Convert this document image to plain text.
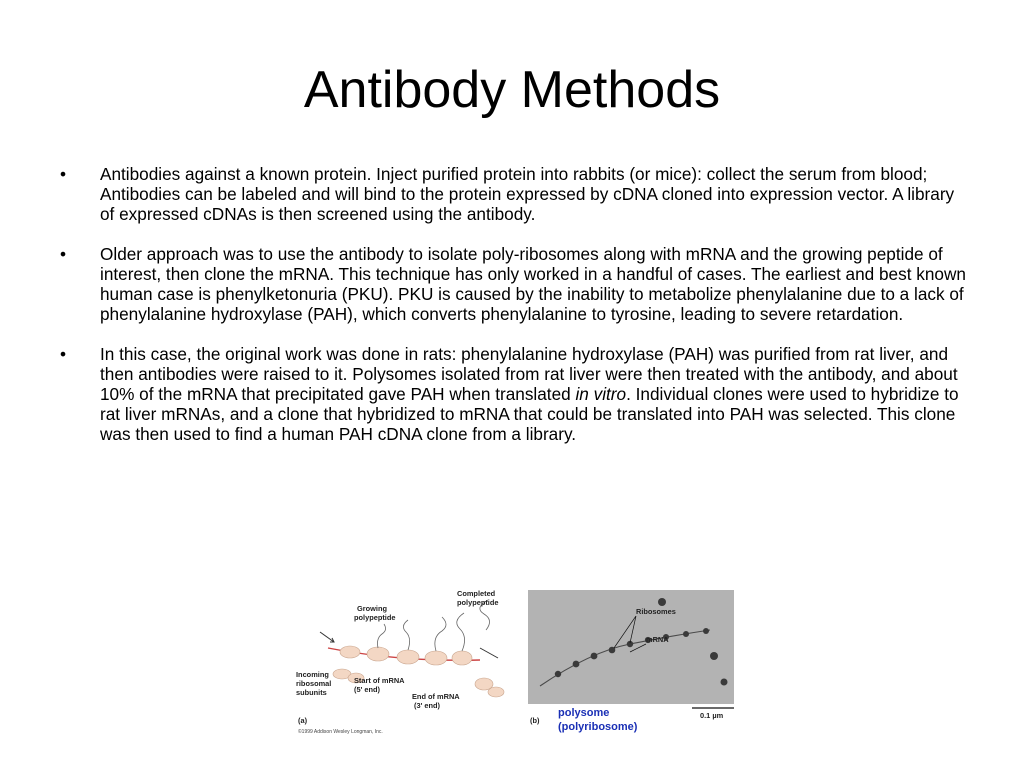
Antibody Methods
•	Antibodies against a known protein. Inject purified protein into rabbits (or mice): collect the serum from blood; Antibodies can be labeled and will bind to the protein expressed by cDNA cloned into expression vector. A library of expressed cDNAs is then screened using the antibody.
•	Older approach was to use the antibody to isolate poly-ribosomes along with mRNA and the growing peptide of interest, then clone the mRNA. This technique has only worked in a handful of cases. The earliest and best known human case is phenylketonuria (PKU). PKU is caused by the inability to metabolize phenylalanine due to a lack of phenylalanine hydroxylase (PAH), which converts phenylalanine to tyrosine, leading to severe retardation.
•	In this case, the original work was done in rats: phenylalanine hydroxylase (PAH) was purified from rat liver, and then antibodies were raised to it. Polysomes isolated from rat liver were then treated with the antibody, and about 10% of the mRNA that precipitated gave PAH when translated in vitro. Individual clones were used to hybridize to rat liver mRNAs, and a clone that hybridized to mRNA that could be translated into PAH was selected. This clone was then used to find a human PAH cDNA clone from a library.
Completed
polypeptide
Growing
polypeptide
Incoming
ribosomal
subunits
Start of mRNA
(5' end)
End of mRNA
(3' end)
(a)
©1999 Addison Wesley Longman, Inc.
Ribosomes
mRNA
(b)
polysome
(polyribosome)
0.1 µm
